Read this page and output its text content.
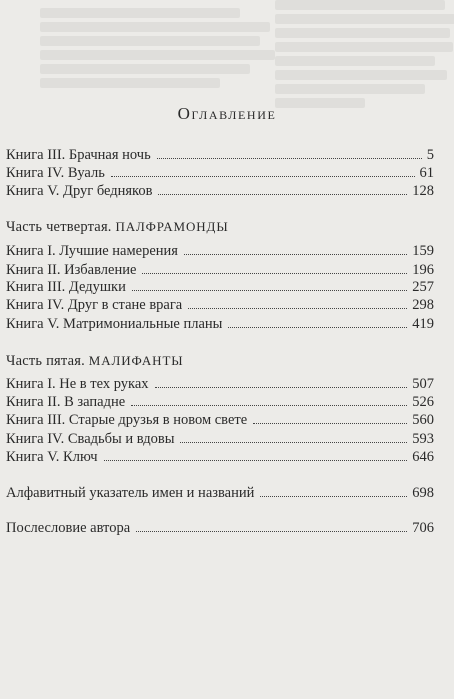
Оглавление
Книга III. Брачная ночь	5
Книга IV. Вуаль	61
Книга V. Друг бедняков	128
Часть четвертая. ПАЛФРАМОНДЫ
Книга I. Лучшие намерения	159
Книга II. Избавление	196
Книга III. Дедушки	257
Книга IV. Друг в стане врага	298
Книга V. Матримониальные планы	419
Часть пятая. МАЛИФАНТЫ
Книга I. Не в тех руках	507
Книга II. В западне	526
Книга III. Старые друзья в новом свете	560
Книга IV. Свадьбы и вдовы	593
Книга V. Ключ	646
Алфавитный указатель имен и названий	698
Послесловие автора	706
